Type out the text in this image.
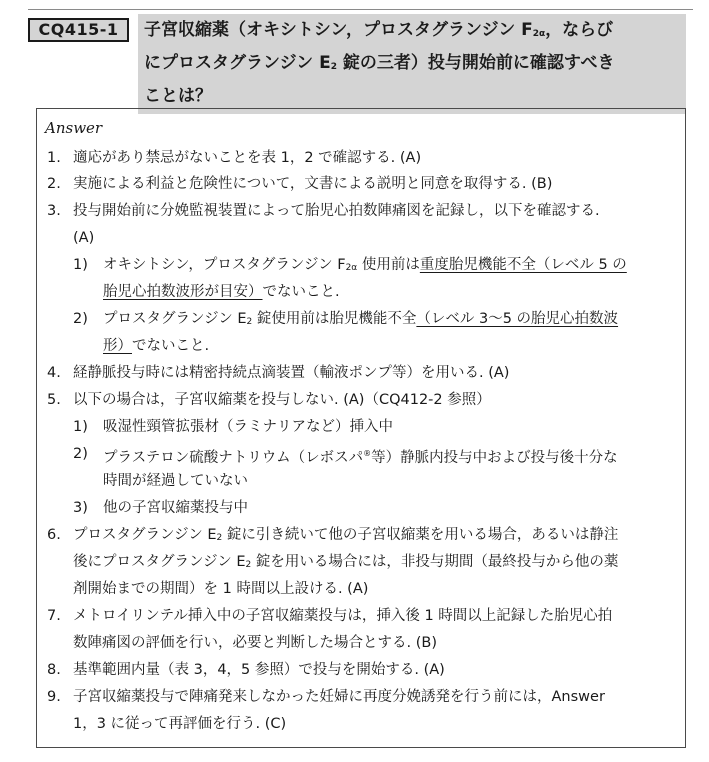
CQ415-1	子宮収縮薬（オキシトシン，プロスタグランジン $F_{2\alpha}$，ならび
にプロスタグランジン $E_2$ 錠の三者）投与開始前に確認すべき
ことは？
Answer
1. 適応があり禁忌がないことを表 1，2 で確認する. (A)
2. 実施による利益と危険性について，文書による説明と同意を取得する. (B)
3. 投与開始前に分娩監視装置によって胎児心拍数陣痛図を記録し，以下を確認する.
(A)
1) オキシトシン，プロスタグランジン $F_{2\alpha}$ 使用前は重度胎児機能不全（レベル 5 の
胎児心拍数波形が目安）でないこと.
2) プロスタグランジン $E_2$ 錠使用前は胎児機能不全（レベル 3～5 の胎児心拍数波
形）でないこと.
4. 経静脈投与時には精密持続点滴装置（輸液ポンプ等）を用いる. (A)
5. 以下の場合は，子宮収縮薬を投与しない. (A)（CQ412-2 参照）
1) 吸湿性頸管拡張材（ラミナリアなど）挿入中
2) プラステロン硫酸ナトリウム（レボスパ®等）静脈内投与中および投与後十分な
時間が経過していない
3) 他の子宮収縮薬投与中
6. プロスタグランジン $E_2$ 錠に引き続いて他の子宮収縮薬を用いる場合，あるいは静注
後にプロスタグランジン $E_2$ 錠を用いる場合には，非投与期間（最終投与から他の薬
剤開始までの期間）を 1 時間以上設ける. (A)
7. メトロイリンテル挿入中の子宮収縮薬投与は，挿入後 1 時間以上記録した胎児心拍
数陣痛図の評価を行い，必要と判断した場合とする. (B)
8. 基準範囲内量（表 3，4，5 参照）で投与を開始する. (A)
9. 子宮収縮薬投与で陣痛発来しなかった妊婦に再度分娩誘発を行う前には，Answer
1，3 に従って再評価を行う. (C)
